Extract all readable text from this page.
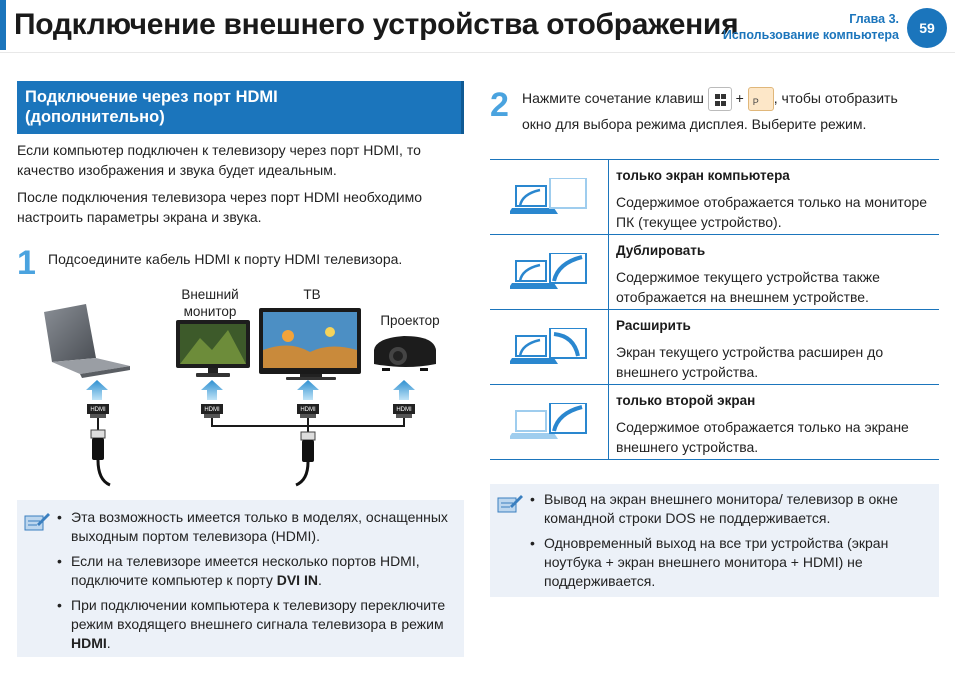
Подключение внешнего устройства отображения	Глава 3.
Использование компьютера	59
Подключение через порт HDMI
(дополнительно)
Если компьютер подключен к телевизору через порт HDMI, то качество изображения и звука будет идеальным.
После подключения телевизора через порт HDMI необходимо настроить параметры экрана и звука.
1 Подсоедините кабель HDMI к порту HDMI телевизора.
HDMI	HDMI	HDMI	HDMI
Внешний
монитор
ТВ
Проектор
• Эта возможность имеется только в моделях, оснащенных выходным портом телевизора (HDMI).
• Если на телевизоре имеется несколько портов HDMI, подключите компьютер к порту DVI IN.
• При подключении компьютера к телевизору переключите режим входящего внешнего сигнала телевизора в режим HDMI.
2 Нажмите сочетание клавиш + P , чтобы отобразить
окно для выбора режима дисплея. Выберите режим.
только экран компьютера
Содержимое отображается только на мониторе ПК (текущее устройство).
Дублировать
Содержимое текущего устройства также отображается на внешнем устройстве.
Расширить
Экран текущего устройства расширен до внешнего устройства.
только второй экран
Содержимое отображается только на экране внешнего устройства.
• Вывод на экран внешнего монитора/ телевизор в окне командной строки DOS не поддерживается.
• Одновременный выход на все три устройства (экран ноутбука + экран внешнего монитора + HDMI) не поддерживается.
